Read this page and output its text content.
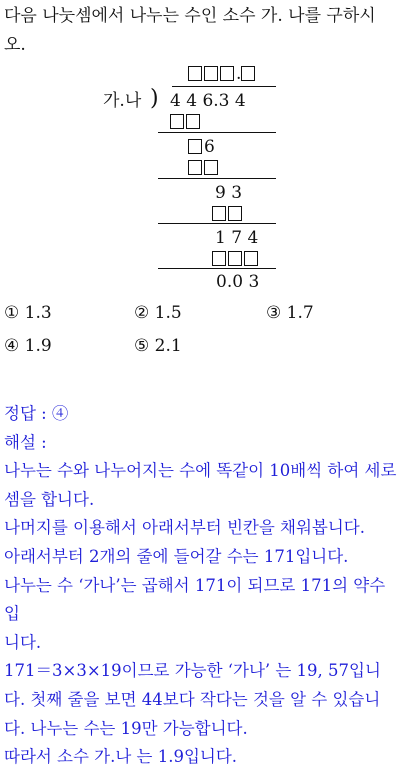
다음 나눗셈에서 나누는 수인 소수 가. 나를 구하시
오.
.
가.나 ) 4 4 6.3 4
6
9 3
1 7 4
0.0 3
① 1.3	② 1.5	③ 1.7
④ 1.9	⑤ 2.1

정답 : ④

해설 :

나누는 수와 나누어지는 수에 똑같이 10배씩 하여 세로

셈을 합니다.

나머지를 이용해서 아래서부터 빈칸을 채워봅니다.

아래서부터 2개의 줄에 들어갈 수는 171입니다.

나누는 수 ‘가나’는 곱해서 171이 되므로 171의 약수입

니다.

171＝3×3×19이므로 가능한 ‘가나’ 는 19, 57입니

다. 첫째 줄을 보면 44보다 작다는 것을 알 수 있습니

다. 나누는 수는 19만 가능합니다.

따라서 소수 가.나 는 1.9입니다.
